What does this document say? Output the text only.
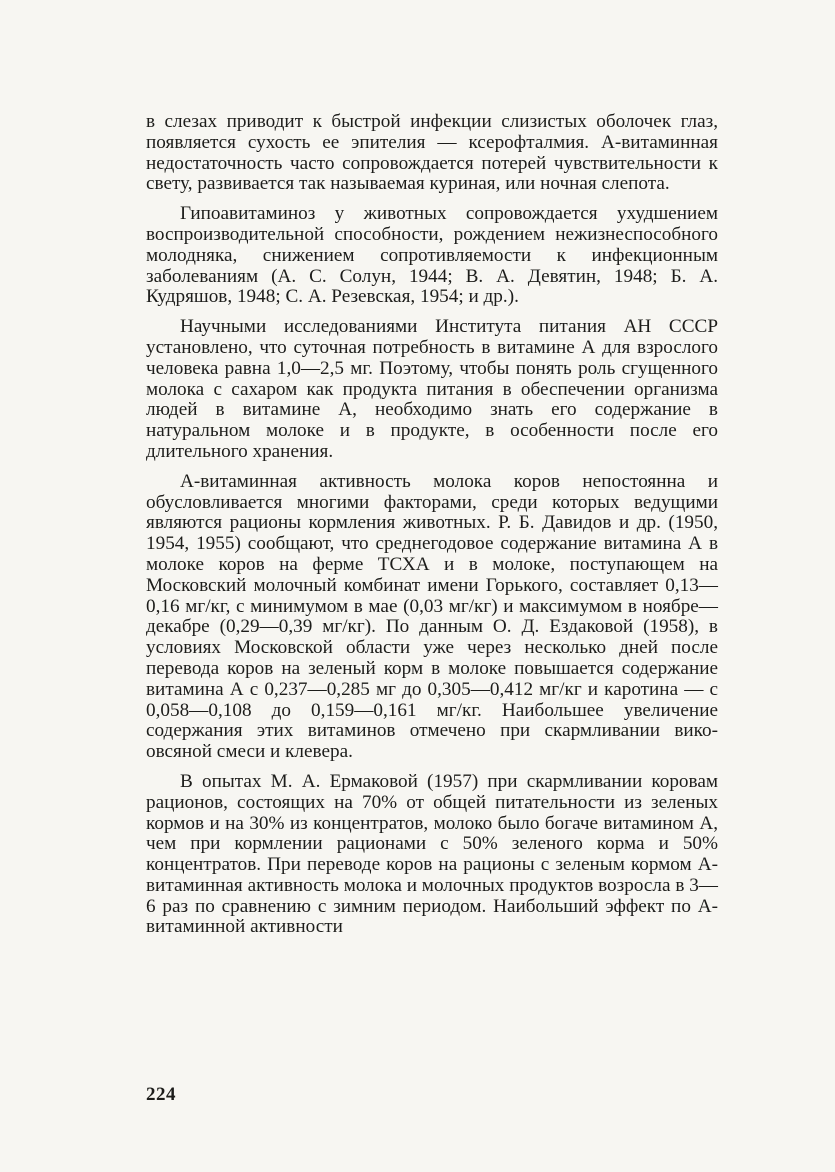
в слезах приводит к быстрой инфекции слизистых оболочек глаз, появляется сухость ее эпителия — ксерофталмия. А-витаминная недостаточность часто сопровождается потерей чувствительности к свету, развивается так называемая куриная, или ночная слепота.

Гипоавитаминоз у животных сопровождается ухудшением воспроизводительной способности, рождением нежизнеспособного молодняка, снижением сопротивляемости к инфекционным заболеваниям (А. С. Солун, 1944; В. А. Девятин, 1948; Б. А. Кудряшов, 1948; С. А. Резевская, 1954; и др.).

Научными исследованиями Института питания АН СССР установлено, что суточная потребность в витамине А для взрослого человека равна 1,0—2,5 мг. Поэтому, чтобы понять роль сгущенного молока с сахаром как продукта питания в обеспечении организма людей в витамине А, необходимо знать его содержание в натуральном молоке и в продукте, в особенности после его длительного хранения.

А-витаминная активность молока коров непостоянна и обусловливается многими факторами, среди которых ведущими являются рационы кормления животных. Р. Б. Давидов и др. (1950, 1954, 1955) сообщают, что среднегодовое содержание витамина А в молоке коров на ферме ТСХА и в молоке, поступающем на Московский молочный комбинат имени Горького, составляет 0,13—0,16 мг/кг, с минимумом в мае (0,03 мг/кг) и максимумом в ноябре—декабре (0,29—0,39 мг/кг). По данным О. Д. Ездаковой (1958), в условиях Московской области уже через несколько дней после перевода коров на зеленый корм в молоке повышается содержание витамина А с 0,237—0,285 мг до 0,305—0,412 мг/кг и каротина — с 0,058—0,108 до 0,159—0,161 мг/кг. Наибольшее увеличение содержания этих витаминов отмечено при скармливании вико-овсяной смеси и клевера.

В опытах М. А. Ермаковой (1957) при скармливании коровам рационов, состоящих на 70% от общей питательности из зеленых кормов и на 30% из концентратов, молоко было богаче витамином А, чем при кормлении рационами с 50% зеленого корма и 50% концентратов. При переводе коров на рационы с зеленым кормом А-витаминная активность молока и молочных продуктов возросла в 3—6 раз по сравнению с зимним периодом. Наибольший эффект по А-витаминной активности

224
